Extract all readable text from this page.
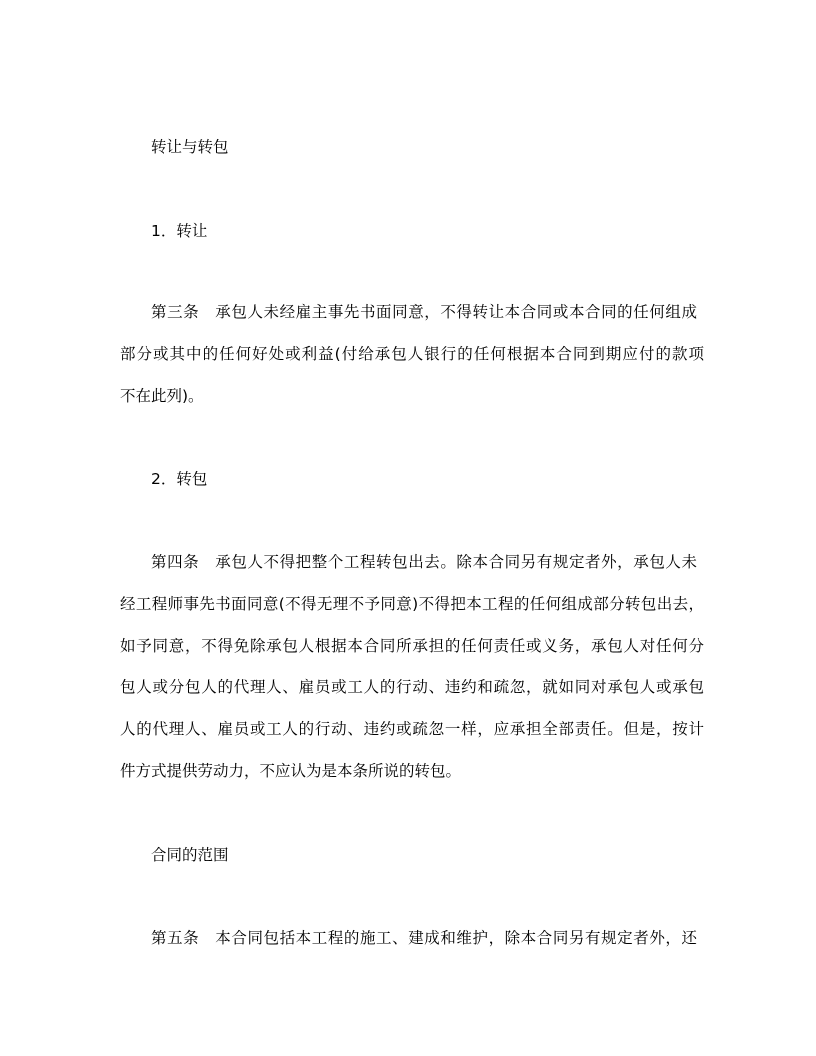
转让与转包
1．转让
第三条　承包人未经雇主事先书面同意，不得转让本合同或本合同的任何组成
部分或其中的任何好处或利益(付给承包人银行的任何根据本合同到期应付的款项
不在此列)。
2．转包
第四条　承包人不得把整个工程转包出去。除本合同另有规定者外，承包人未
经工程师事先书面同意(不得无理不予同意)不得把本工程的任何组成部分转包出去，
如予同意，不得免除承包人根据本合同所承担的任何责任或义务，承包人对任何分
包人或分包人的代理人、雇员或工人的行动、违约和疏忽，就如同对承包人或承包
人的代理人、雇员或工人的行动、违约或疏忽一样，应承担全部责任。但是，按计
件方式提供劳动力，不应认为是本条所说的转包。
合同的范围
第五条　本合同包括本工程的施工、建成和维护，除本合同另有规定者外，还
